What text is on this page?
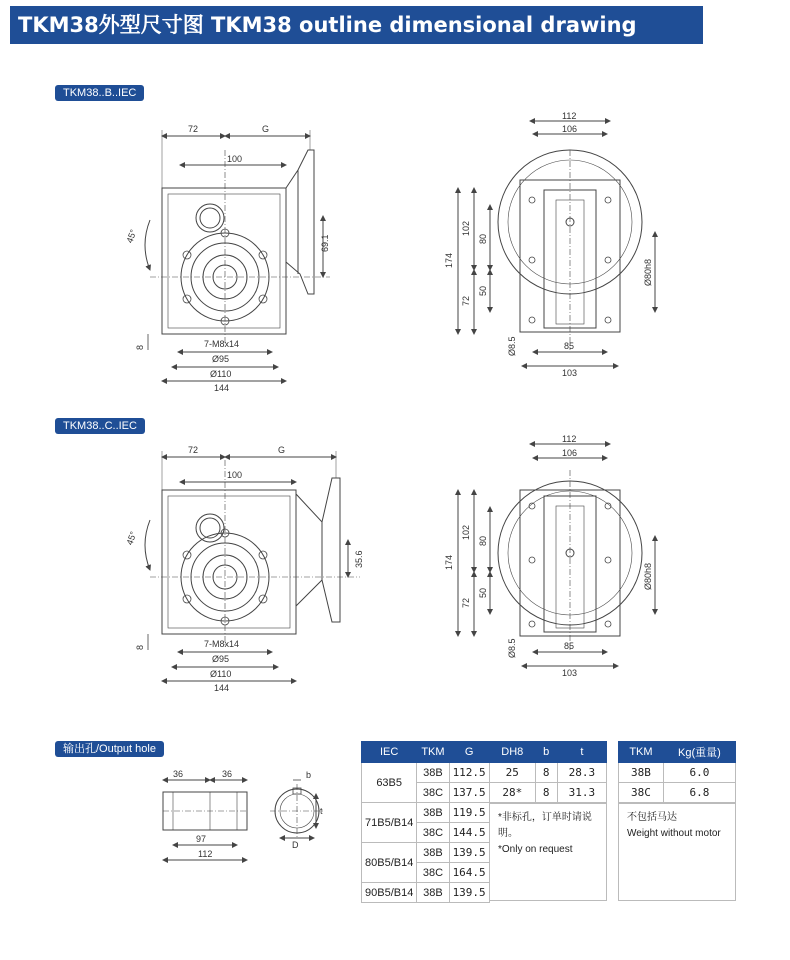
TKM38外型尺寸图 TKM38 outline dimensional drawing
TKM38..B..IEC
TKM38..C..IEC
输出孔/Output hole
72	G
100
45°	69.1
8	7-M8x14
Ø95
Ø110
144
112
106
174
102
72
80
50
Ø80h8
Ø8.5	85
103
72	G
100
45°
35.6
8	7-M8x14
Ø95
Ø110
144
112
106
174
102
72
80
50
Ø80h8
Ø8.5	85
103
36	36
97
112
b
t
D
IEC	TKM	G
63B5	38B	112.5
	38C	137.5
71B5/B14	38B	119.5
	38C	144.5
80B5/B14	38B	139.5
	38C	164.5
90B5/B14	38B	139.5
DH8	b	t
25	8	28.3
28*	8	31.3
*非标孔，订单时请说明。
*Only on request
TKM	Kg(重量)
38B	6.0
38C	6.8
不包括马达
Weight without motor
